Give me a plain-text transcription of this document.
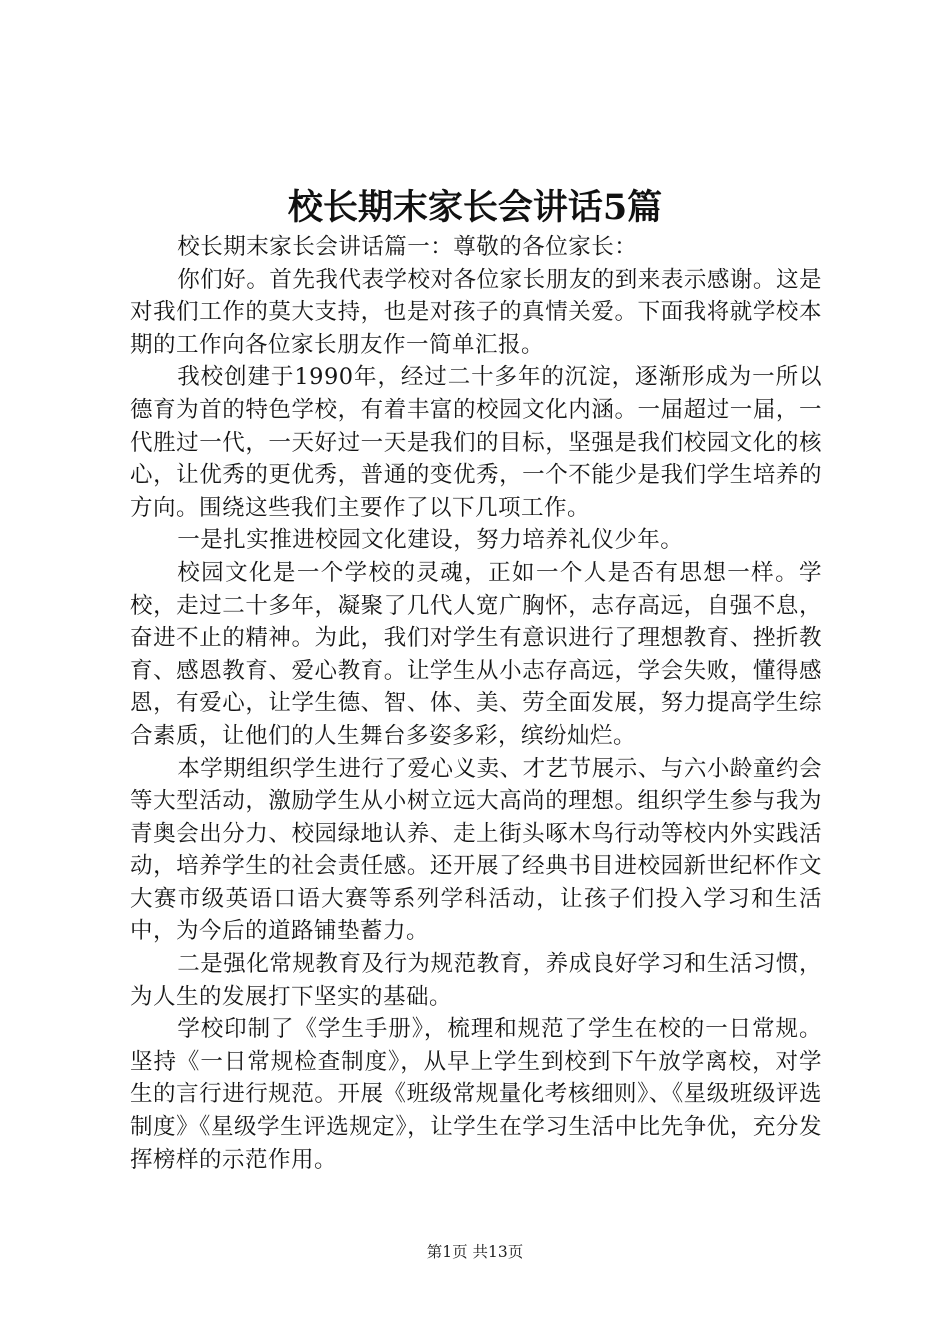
校长期末家长会讲话5篇

校长期末家长会讲话篇一：尊敬的各位家长：

你们好。首先我代表学校对各位家长朋友的到来表示感谢。这是对我们工作的莫大支持，也是对孩子的真情关爱。下面我将就学校本期的工作向各位家长朋友作一简单汇报。

我校创建于1990年，经过二十多年的沉淀，逐渐形成为一所以德育为首的特色学校，有着丰富的校园文化内涵。一届超过一届，一代胜过一代，一天好过一天是我们的目标，坚强是我们校园文化的核心，让优秀的更优秀，普通的变优秀，一个不能少是我们学生培养的方向。围绕这些我们主要作了以下几项工作。

一是扎实推进校园文化建设，努力培养礼仪少年。

校园文化是一个学校的灵魂，正如一个人是否有思想一样。学校，走过二十多年，凝聚了几代人宽广胸怀，志存高远，自强不息，奋进不止的精神。为此，我们对学生有意识进行了理想教育、挫折教育、感恩教育、爱心教育。让学生从小志存高远，学会失败，懂得感恩，有爱心，让学生德、智、体、美、劳全面发展，努力提高学生综合素质，让他们的人生舞台多姿多彩，缤纷灿烂。

本学期组织学生进行了爱心义卖、才艺节展示、与六小龄童约会等大型活动，激励学生从小树立远大高尚的理想。组织学生参与我为青奥会出分力、校园绿地认养、走上街头啄木鸟行动等校内外实践活动，培养学生的社会责任感。还开展了经典书目进校园新世纪杯作文大赛市级英语口语大赛等系列学科活动，让孩子们投入学习和生活中，为今后的道路铺垫蓄力。

二是强化常规教育及行为规范教育，养成良好学习和生活习惯，为人生的发展打下坚实的基础。

学校印制了《学生手册》，梳理和规范了学生在校的一日常规。坚持《一日常规检查制度》，从早上学生到校到下午放学离校，对学生的言行进行规范。开展《班级常规量化考核细则》、《星级班级评选制度》《星级学生评选规定》，让学生在学习生活中比先争优，充分发挥榜样的示范作用。

第1页 共13页
